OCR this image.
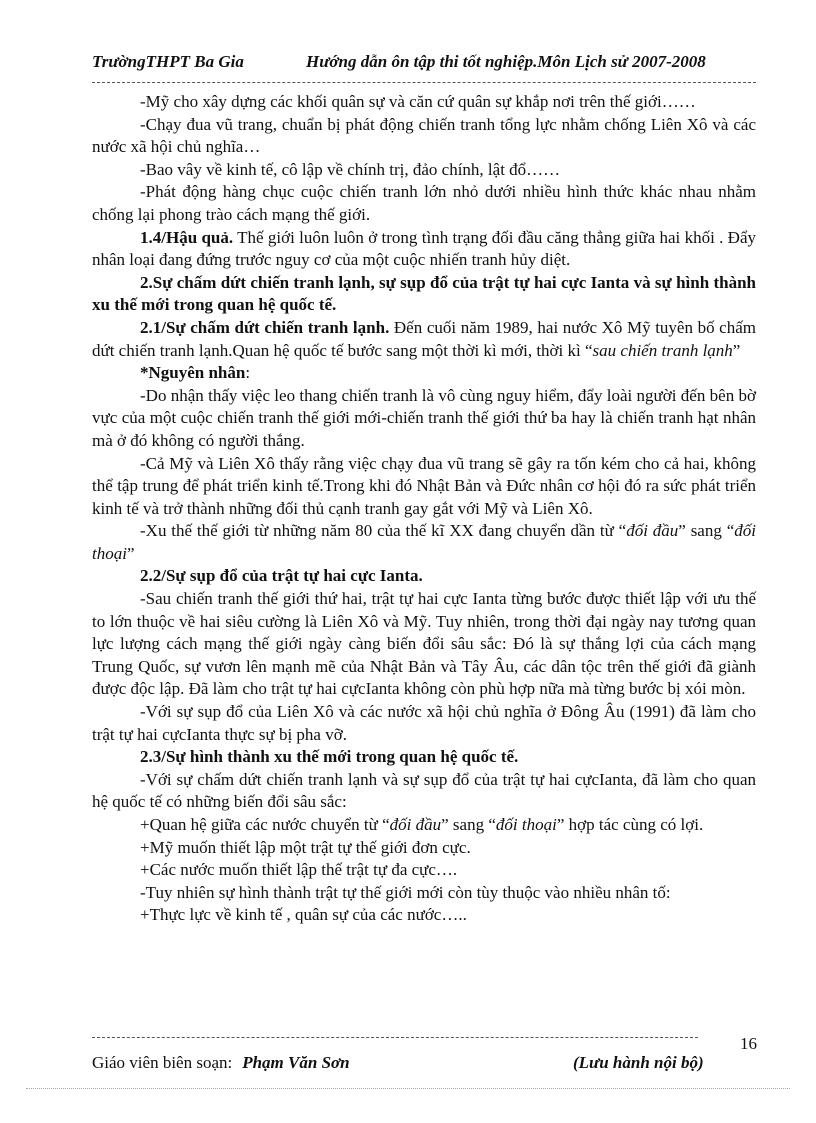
TrườngTHPT Ba Gia	Hướng dẫn ôn tập thi tốt nghiệp.Môn Lịch sử 2007-2008

-Mỹ cho xây dựng các khối quân sự và căn cứ quân sự khắp nơi trên thế giới……

-Chạy đua vũ trang, chuẩn bị phát động chiến tranh tổng lực nhằm chống Liên Xô và các nước xã hội chủ nghĩa…

-Bao vây về kinh tế, cô lập về chính trị, đảo chính, lật đổ……

-Phát động hàng chục cuộc chiến tranh lớn nhỏ dưới nhiều hình thức khác nhau nhằm chống lại phong trào cách mạng thế giới.

1.4/Hậu quả. Thế giới luôn luôn ở trong tình trạng đối đầu căng thẳng giữa hai khối . Đẩy nhân loại đang đứng trước nguy cơ của một cuộc nhiến tranh hủy diệt.

2.Sự chấm dứt chiến tranh lạnh, sự sụp đổ của trật tự hai cực Ianta và sự hình thành xu thế mới trong quan hệ quốc tế.

2.1/Sự chấm dứt chiến tranh lạnh. Đến cuối năm 1989, hai nước Xô Mỹ tuyên bố chấm dứt chiến tranh lạnh.Quan hệ quốc tế bước sang một thời kì mới, thời kì “sau chiến tranh lạnh”

*Nguyên nhân:

-Do nhận thấy việc leo thang chiến tranh là vô cùng nguy hiểm, đẩy loài người đến bên bờ vực của một cuộc chiến tranh thế giới mới-chiến tranh thế giới thứ ba hay là chiến tranh hạt nhân mà ở đó không có người thắng.

-Cả Mỹ và Liên Xô thấy rằng việc chạy đua vũ trang sẽ gây ra tốn kém cho cả hai, không thể tập trung để phát triển kinh tế.Trong khi đó Nhật Bản và Đức nhân cơ hội đó ra sức phát triển kinh tế và trở thành những đối thủ cạnh tranh gay gắt với Mỹ và Liên Xô.

-Xu thế thế giới từ những năm 80 của thế kĩ XX đang chuyển dần từ “đối đầu” sang “đối thoại”

2.2/Sự sụp đổ của trật tự hai cực Ianta.

-Sau chiến tranh thế giới thứ hai, trật tự hai cực Ianta từng bước được thiết lập với ưu thế to lớn thuộc về hai siêu cường là Liên Xô và Mỹ. Tuy nhiên, trong thời đại ngày nay tương quan lực lượng cách mạng thế giới ngày càng biến đổi sâu sắc: Đó là sự thắng lợi của cách mạng Trung Quốc, sự vươn lên mạnh mẽ của Nhật Bản và Tây Âu, các dân tộc trên thế giới đã giành được độc lập. Đã làm cho trật tự hai cựcIanta không còn phù hợp nữa mà từng bước bị xói mòn.

-Với sự sụp đổ của Liên Xô và các nước xã hội chủ nghĩa ở Đông Âu (1991) đã làm cho trật tự hai cựcIanta thực sự bị pha vỡ.

2.3/Sự hình thành xu thế mới trong quan hệ quốc tế.

-Với sự chấm dứt chiến tranh lạnh và sự sụp đổ của trật tự hai cựcIanta, đã làm cho quan hệ quốc tế có những biến đổi sâu sắc:

+Quan hệ giữa các nước chuyển từ “đối đầu” sang “đối thoại” hợp tác cùng có lợi.

+Mỹ muốn thiết lập một trật tự thế giới đơn cực.

+Các nước muốn thiết lập thế trật tự đa cực….

-Tuy nhiên sự hình thành trật tự thế giới mới còn tùy thuộc vào nhiều nhân tố:

+Thực lực về kinh tế , quân sự của các nước…..

16
Giáo viên biên soạn: Phạm Văn Sơn	(Lưu hành nội bộ)
